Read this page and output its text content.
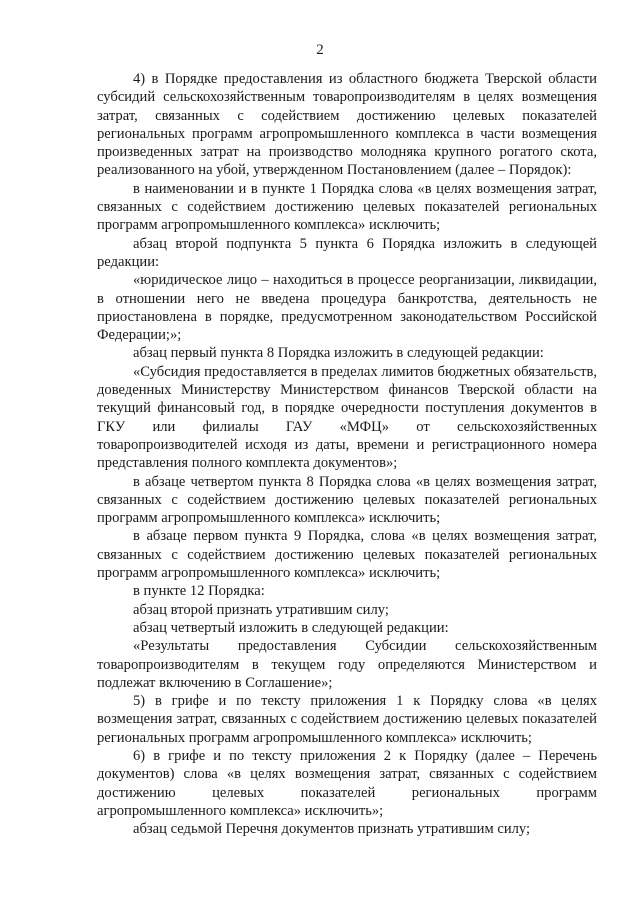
2

4) в Порядке предоставления из областного бюджета Тверской области субсидий сельскохозяйственным товаропроизводителям в целях возмещения затрат, связанных с содействием достижению целевых показателей региональных программ агропромышленного комплекса в части возмещения произведенных затрат на производство молодняка крупного рогатого скота, реализованного на убой, утвержденном Постановлением (далее – Порядок):

в наименовании и в пункте 1 Порядка слова «в целях возмещения затрат, связанных с содействием достижению целевых показателей региональных программ агропромышленного комплекса» исключить;

абзац второй подпункта 5 пункта 6 Порядка изложить в следующей редакции:

«юридическое лицо – находиться в процессе реорганизации, ликвидации, в отношении него не введена процедура банкротства, деятельность не приостановлена в порядке, предусмотренном законодательством Российской Федерации;»;

абзац первый пункта 8 Порядка изложить в следующей редакции:

«Субсидия предоставляется в пределах лимитов бюджетных обязательств, доведенных Министерству Министерством финансов Тверской области на текущий финансовый год, в порядке очередности поступления документов в ГКУ или филиалы ГАУ «МФЦ» от сельскохозяйственных товаропроизводителей исходя из даты, времени и регистрационного номера представления полного комплекта документов»;

в абзаце четвертом пункта 8 Порядка слова «в целях возмещения затрат, связанных с содействием достижению целевых показателей региональных программ агропромышленного комплекса» исключить;

в абзаце первом пункта 9 Порядка, слова «в целях возмещения затрат, связанных с содействием достижению целевых показателей региональных программ агропромышленного комплекса» исключить;

в пункте 12 Порядка:

абзац второй признать утратившим силу;

абзац четвертый изложить в следующей редакции:

«Результаты предоставления Субсидии сельскохозяйственным товаропроизводителям в текущем году определяются Министерством и подлежат включению в Соглашение»;

5) в грифе и по тексту приложения 1 к Порядку слова «в целях возмещения затрат, связанных с содействием достижению целевых показателей региональных программ агропромышленного комплекса» исключить;

6) в грифе и по тексту приложения 2 к Порядку (далее – Перечень документов) слова «в целях возмещения затрат, связанных с содействием достижению целевых показателей региональных программ агропромышленного комплекса» исключить»;

абзац седьмой Перечня документов признать утратившим силу;
